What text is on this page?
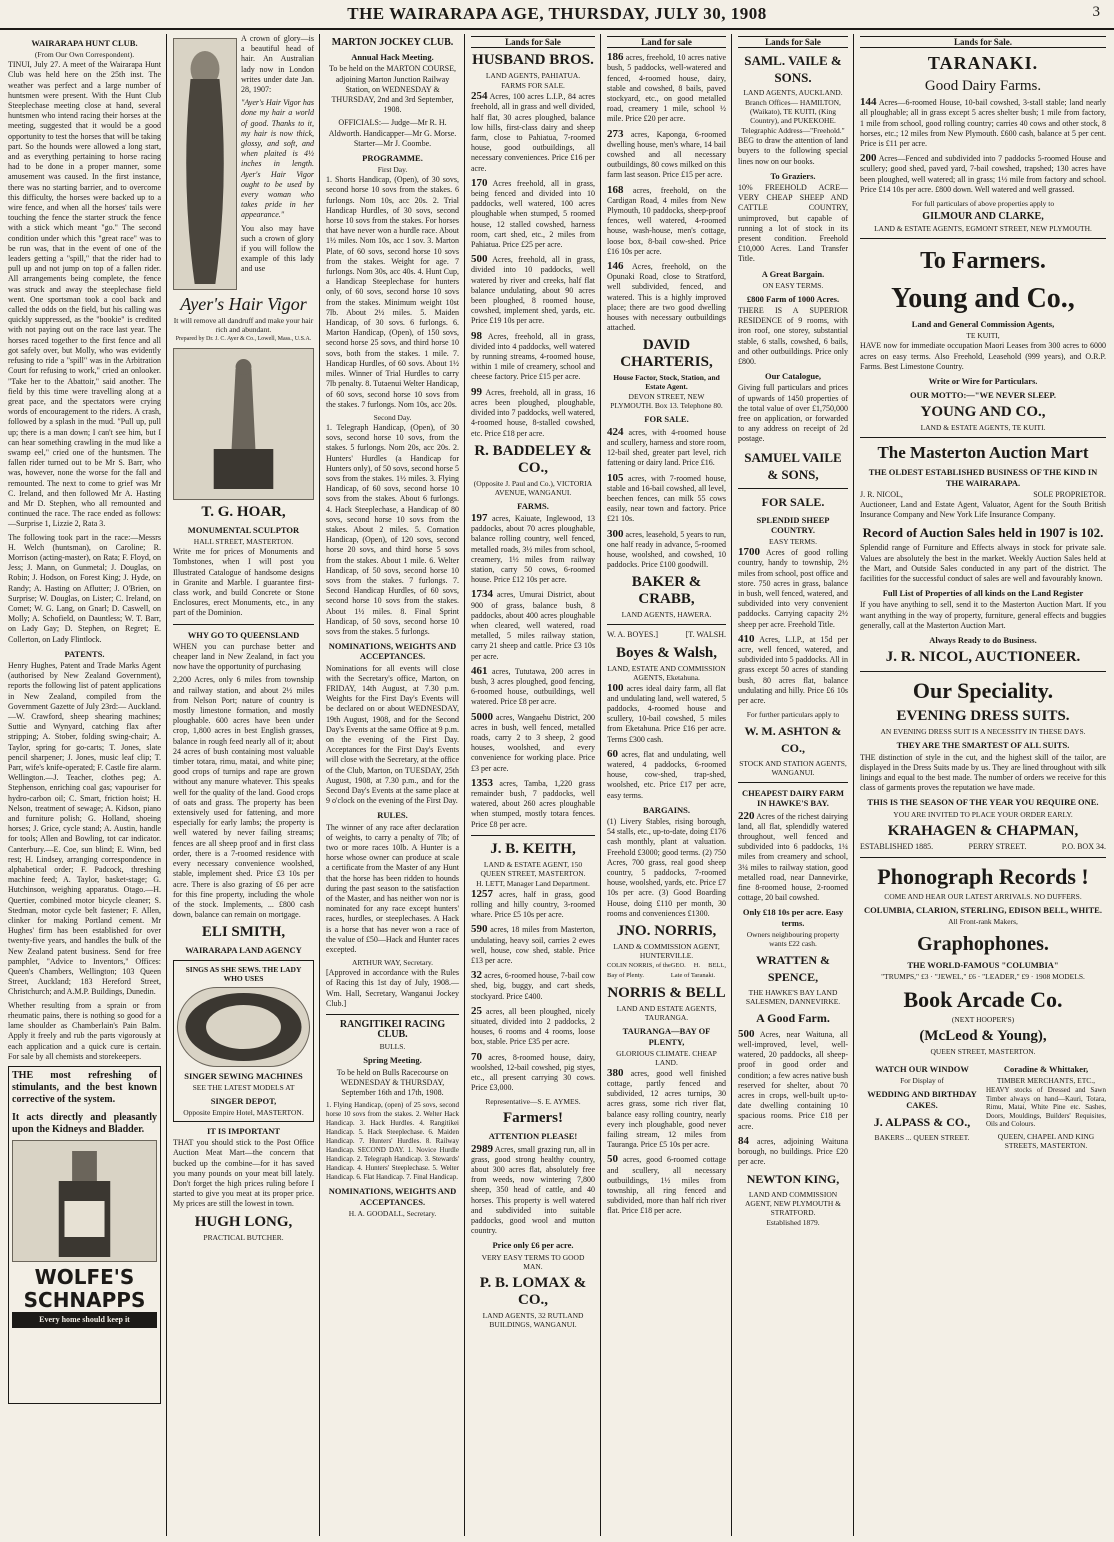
THE WAIRARAPA AGE, THURSDAY, JULY 30, 1908	3
WAIRARAPA HUNT CLUB.
(From Our Own Correspondent).

TINUI, July 27. A meet of the Wairarapa Hunt Club was held here on the 25th inst. The weather was perfect and a large number of huntsmen were present. With the Hunt Club Steeplechase meeting close at hand, several huntsmen who intend racing their horses at the meeting, suggested that it would be a good opportunity to test the horses that will be taking part. So the hounds were allowed a long start, and as everything pertaining to horse racing had to be done in a proper manner, some amusement was caused. In the first instance, there was no starting barrier, and to overcome this difficulty, the horses were backed up to a wire fence, and when all the horses' tails were touching the fence the starter struck the fence with a stick which meant "go." The second condition under which this "great race" was to be run was, that in the event of one of the leaders getting a "spill," that the rider had to pull up and not jump on top of a fallen rider. All arrangements being complete, the fence was struck and away the steeplechase field went. One sportsman took a cool back and called the odds on the field, but his calling was quickly suppressed, as the "bookie" is credited with not paying out on the race last year. The horses raced together to the first fence and all got safely over, but Molly, who was evidently refusing to ride a "spill" was in the Arbitration Court for refusing to work," cried an onlooker. "Take her to the Abattoir," said another. The field by this time were travelling along at a great pace, and the spectators were crying words of encouragement to the riders. A crash, followed by a splash in the mud. "Pull up, pull up; there is a man down; I can't see him, but I can hear something crawling in the mud like a swamp eel," cried one of the huntsmen. The fallen rider turned out to be Mr S. Barr, who was, however, none the worse for the fall and remounted. The next to come to grief was Mr C. Ireland, and then followed Mr A. Hasting and Mr D. Stephen, who all remounted and continued the race. The race ended as follows:—Surprise 1, Lizzie 2, Rata 3.

The following took part in the race:—Messrs H. Welch (huntsman), on Caroline; R. Morrison (acting-master), on Rata; F. Floyd, on Jess; J. Mann, on Gunmetal; J. Douglas, on Robin; J. Hodson, on Forest King; J. Hyde, on Randy; A. Hasting on Aflutter; J. O'Brien, on Surprise; W. Douglas, on Lister; C. Ireland, on Comet; W. G. Lang, on Gnarl; D. Caswell, on Molly; A. Schofield, on Dauntless; W. T. Barr, on Lady Gay; D. Stephen, on Regret; E. Collerton, on Lady Flintlock.

PATENTS.

Henry Hughes, Patent and Trade Marks Agent (authorised by New Zealand Government), reports the following list of patent applications in New Zealand, compiled from the Government Gazette of July 23rd:— Auckland.—W. Crawford, sheep shearing machines; Suttie and Wynyard, catching flax after stripping; A. Stober, folding swing-chair; A. Taylor, spring for go-carts; T. Jones, slate pencil sharpener; J. Jones, music leaf clip; T. Parr, wife's knife-operated; F. Castle fire alarm. Wellington.—J. Teacher, clothes peg; A. Stephenson, enriching coal gas; vapouriser for hydro-carbon oil; C. Smart, friction hoist; H. Nelson, treatment of sewage; A. Kidson, piano and furniture polish; G. Holland, shoeing horses; J. Grice, cycle stand; A. Austin, handle for tools; Allen and Bowling, tot car indicator. Canterbury.—E. Coe, sun blind; E. Winn, bed rest; H. Lindsey, arranging correspondence in alphabetical order; F. Padcock, threshing machine feed; A. Taylor, basket-stage; G. Hutchinson, weighing apparatus. Otago.—H. Quertier, combined motor bicycle cleaner; S. Stedman, motor cycle belt fastener; F. Allen, clinker for making Portland cement. Mr Hughes' firm has been established for over twenty-five years, and handles the bulk of the New Zealand patent business. Send for free pamphlet, "Advice to Inventors," Offices: Queen's Chambers, Wellington; 103 Queen Street, Auckland; 183 Hereford Street, Christchurch; and A.M.P. Buildings, Dunedin.

Whether resulting from a sprain or from rheumatic pains, there is nothing so good for a lame shoulder as Chamberlain's Pain Balm. Apply it freely and rub the parts vigorously at each application and a quick cure is certain. For sale by all chemists and storekeepers.

THE most refreshing of stimulants, and the best known corrective of the system.
It acts directly and pleasantly upon the Kidneys and Bladder.
WOLFE'S SCHNAPPS
Every home should keep it

A crown of glory—is a beautiful head of hair. An Australian lady now in London writes under date Jan. 28, 1907:

"Ayer's Hair Vigor has done my hair a world of good. Thanks to it, my hair is now thick, glossy, and soft, and when plaited is 4½ inches in length. Ayer's Hair Vigor ought to be used by every woman who takes pride in her appearance."

You also may have such a crown of glory if you will follow the example of this lady and use

Ayer's Hair Vigor
It will remove all dandruff and make your hair rich and abundant.
Prepared by Dr. J. C. Ayer & Co., Lowell, Mass., U.S.A.
T. G. HOAR,
MONUMENTAL SCULPTOR
HALL STREET, MASTERTON.

Write me for prices of Monuments and Tombstones, when I will post you Illustrated Catalogue of handsome designs in Granite and Marble. I guarantee first-class work, and build Concrete or Stone Enclosures, erect Monuments, etc., in any part of the Dominion.

WHY GO TO QUEENSLAND

WHEN you can purchase better and cheaper land in New Zealand, in fact you now have the opportunity of purchasing

2,200 Acres, only 6 miles from township and railway station, and about 2½ miles from Nelson Port; nature of country is mostly limestone formation, and mostly ploughable. 600 acres have been under crop, 1,800 acres in best English grasses, balance in rough feed nearly all of it; about 24 acres of bush containing most valuable timber totara, rimu, matai, and white pine; good crops of turnips and rape are grown without any manure whatever. This speaks well for the quality of the land. Good crops of oats and grass. The property has been extensively used for fattening, and more especially for early lambs; the property is well watered by never failing streams; fences are all sheep proof and in first class order, there is a 7-roomed residence with every necessary convenience woolshed, stable, implement shed. Price £3 10s per acre. There is also grazing of £6 per acre for this fine property, including the whole of the stock. Implements, ... £800 cash down, balance can remain on mortgage.

ELI SMITH,
WAIRARAPA LAND AGENCY
SINGS AS SHE SEWS. THE LADY WHO USES
SINGER SEWING MACHINES
SEE THE LATEST MODELS AT
SINGER DEPOT,
Opposite Empire Hotel, MASTERTON.
IT IS IMPORTANT

THAT you should stick to the Post Office Auction Meat Mart—the concern that bucked up the combine—for it has saved you many pounds on your meat bill lately. Don't forget the high prices ruling before I started to give you meat at its proper price. My prices are still the lowest in town.

HUGH LONG,
PRACTICAL BUTCHER.
MARTON JOCKEY CLUB.
Annual Hack Meeting.

To be held on the MARTON COURSE, adjoining Marton Junction Railway Station, on WEDNESDAY & THURSDAY, 2nd and 3rd September, 1908.

OFFICIALS:— Judge—Mr R. H. Aldworth. Handicapper—Mr G. Morse. Starter—Mr J. Coombe.

PROGRAMME.
First Day.

1. Shorts Handicap, (Open), of 30 sovs, second horse 10 sovs from the stakes. 6 furlongs. Nom 10s, acc 20s. 2. Trial Handicap Hurdles, of 30 sovs, second horse 10 sovs from the stakes. For horses that have never won a hurdle race. About 1½ miles. Nom 10s, acc 1 sov. 3. Marton Plate, of 60 sovs, second horse 10 sovs from the stakes. Weight for age. 7 furlongs. Nom 30s, acc 40s. 4. Hunt Cup, a Handicap Steeplechase for hunters only, of 60 sovs, second horse 10 sovs from the stakes. Minimum weight 10st 7lb. About 2½ miles. 5. Maiden Handicap, of 30 sovs. 6 furlongs. 6. Marton Handicap, (Open), of 150 sovs, second horse 25 sovs, and third horse 10 sovs, both from the stakes. 1 mile. 7. Handicap Hurdles, of 60 sovs. About 1½ miles. Winner of Trial Hurdles to carry 7lb penalty. 8. Tutaenui Welter Handicap, of 60 sovs, second horse 10 sovs from the stakes. 7 furlongs. Nom 10s, acc 20s.

Second Day.

1. Telegraph Handicap, (Open), of 30 sovs, second horse 10 sovs, from the stakes. 5 furlongs. Nom 20s, acc 20s. 2. Hunters' Hurdles (a Handicap for Hunters only), of 50 sovs, second horse 5 sovs from the stakes. 1½ miles. 3. Flying Handicap, of 60 sovs, second horse 10 sovs from the stakes. About 6 furlongs. 4. Hack Steeplechase, a Handicap of 80 sovs, second horse 10 sovs from the stakes. About 2 miles. 5. Cornation Handicap, (Open), of 120 sovs, second horse 20 sovs, and third horse 5 sovs from the stakes. About 1 mile. 6. Welter Handicap, of 50 sovs, second horse 10 sovs from the stakes. 7 furlongs. 7. Second Handicap Hurdles, of 60 sovs, second horse 10 sovs from the stakes. About 1½ miles. 8. Final Sprint Handicap, of 50 sovs, second horse 10 sovs from the stakes. 5 furlongs.

NOMINATIONS, WEIGHTS AND ACCEPTANCES.

Nominations for all events will close with the Secretary's office, Marton, on FRIDAY, 14th August, at 7.30 p.m. Weights for the First Day's Events will be declared on or about WEDNESDAY, 19th August, 1908, and for the Second Day's Events at the same Office at 9 p.m. on the evening of the First Day. Acceptances for the First Day's Events will close with the Secretary, at the office of the Club, Marton, on TUESDAY, 25th August, 1908, at 7.30 p.m., and for the Second Day's Events at the same place at 9 o'clock on the evening of the First Day.

RULES.

The winner of any race after declaration of weights, to carry a penalty of 7lb; of two or more races 10lb. A Hunter is a horse whose owner can produce at scale a certificate from the Master of any Hunt that the horse has been ridden to hounds during the past season to the satisfaction of the Master, and has neither won nor is nominated for any race except hunters' races, hurdles, or steeplechases. A Hack is a horse that has never won a race of the value of £50—Hack and Hunter races excepted.

ARTHUR WAY, Secretary.

[Approved in accordance with the Rules of Racing this 1st day of July, 1908.— Wm. Hall, Secretary, Wanganui Jockey Club.]

RANGITIKEI RACING CLUB.
BULLS.
Spring Meeting.

To be held on Bulls Racecourse on WEDNESDAY & THURSDAY, September 16th and 17th, 1908.

1. Flying Handicap, (open) of 25 sovs, second horse 10 sovs from the stakes. 2. Welter Hack Handicap. 3. Hack Hurdles. 4. Rangitikei Handicap. 5. Hack Steeplechase. 6. Maiden Handicap. 7. Hunters' Hurdles. 8. Railway Handicap. SECOND DAY. 1. Novice Hurdle Handicap. 2. Telegraph Handicap. 3. Stewards' Handicap. 4. Hunters' Steeplechase. 5. Welter Handicap. 6. Flat Handicap. 7. Final Handicap.

NOMINATIONS, WEIGHTS AND ACCEPTANCES.
H. A. GOODALL, Secretary.
Lands for Sale
HUSBAND BROS.
LAND AGENTS, PAHIATUA.
FARMS FOR SALE.
254 Acres, 100 acres L.I.P., 84 acres freehold, all in grass and well divided, half flat, 30 acres ploughed, balance low hills, first-class dairy and sheep farm, close to Pahiatua, 7-roomed house, good outbuildings, all necessary conveniences. Price £16 per acre.
170 Acres freehold, all in grass, being fenced and divided into 10 paddocks, well watered, 100 acres ploughable when stumped, 5 roomed house, 12 stalled cowshed, harness room, cart shed, etc., 2 miles from Pahiatua. Price £25 per acre.
500 Acres, freehold, all in grass, divided into 10 paddocks, well watered by river and creeks, half flat balance undulating, about 90 acres been ploughed, 8 roomed house, cowshed, implement shed, yards, etc. Price £19 10s per acre.
98 Acres, freehold, all in grass, divided into 4 paddocks, well watered by running streams, 4-roomed house, within 1 mile of creamery, school and cheese factory. Price £15 per acre.
99 Acres, freehold, all in grass, 16 acres been ploughed, ploughable, divided into 7 paddocks, well watered, 4-roomed house, 8-stalled cowshed, etc. Price £18 per acre.
R. BADDELEY & CO.,
(Opposite J. Paul and Co.), VICTORIA AVENUE, WANGANUI.
FARMS.
197 acres, Kaiuate, Inglewood, 13 paddocks, about 70 acres ploughable, balance rolling country, well fenced, metalled roads, 3½ miles from school, creamery, 1½ miles from railway station, carry 50 cows, 6-roomed house. Price £12 10s per acre.
1734 acres, Umurai District, about 900 of grass, balance bush, 8 paddocks, about 400 acres ploughable when cleared, well watered, road metalled, 5 miles railway station, carry 21 sheep and cattle. Price £3 10s per acre.
461 acres, Tututawa, 200 acres in bush, 3 acres ploughed, good fencing, 6-roomed house, outbuildings, well watered. Price £8 per acre.
5000 acres, Wangaehu District, 200 acres in bush, well fenced, metalled roads, carry 2 to 3 sheep, 2 good houses, woolshed, and every convenience for working place. Price £3 per acre.
1353 acres, Tamba, 1,220 grass remainder bush, 7 paddocks, well watered, about 260 acres ploughable when stumped, mostly totara fences. Price £8 per acre.
J. B. KEITH,
LAND & ESTATE AGENT, 150 QUEEN STREET, MASTERTON.
H. LETT, Manager Land Department.
1257 acres, half in grass, good rolling and hilly country, 3-roomed whare. Price £5 10s per acre.
590 acres, 18 miles from Masterton, undulating, heavy soil, carries 2 ewes well, house, cow shed, stable. Price £13 per acre.
32 acres, 6-roomed house, 7-bail cow shed, big, buggy, and cart sheds, stockyard. Price £400.
25 acres, all been ploughed, nicely situated, divided into 2 paddocks, 2 houses, 6 rooms and 4 rooms, loose box, stable. Price £35 per acre.
70 acres, 8-roomed house, dairy, woolshed, 12-bail cowshed, pig styes, etc., all present carrying 30 cows. Price £3,000.
Representative—S. E. AYMES.
Farmers!
ATTENTION PLEASE!
2989 Acres, small grazing run, all in grass, good strong healthy country, about 300 acres flat, absolutely free from weeds, now wintering 7,800 sheep, 350 head of cattle, and 40 horses. This property is well watered and subdivided into suitable paddocks, good wool and mutton country.
Price only £6 per acre.
VERY EASY TERMS TO GOOD MAN.
P. B. LOMAX & CO.,
LAND AGENTS, 32 RUTLAND BUILDINGS, WANGANUI.
Land for sale
186 acres, freehold, 10 acres native bush, 5 paddocks, well-watered and fenced, 4-roomed house, dairy, stable and cowshed, 8 bails, paved stockyard, etc., on good metalled road, creamery 1 mile, school ½ mile. Price £20 per acre.
273 acres, Kaponga, 6-roomed dwelling house, men's whare, 14 bail cowshed and all necessary outbuildings, 80 cows milked on this farm last season. Price £15 per acre.
168 acres, freehold, on the Cardigan Road, 4 miles from New Plymouth, 10 paddocks, sheep-proof fences, well watered, 4-roomed house, wash-house, men's cottage, loose box, 8-bail cow-shed. Price £16 10s per acre.
146 Acres, freehold, on the Opunaki Road, close to Stratford, well subdivided, fenced, and watered. This is a highly improved place; there are two good dwelling houses with necessary outbuildings attached.
DAVID CHARTERIS,
House Factor, Stock, Station, and Estate Agent.
DEVON STREET, NEW PLYMOUTH. Box 13. Telephone 80.
FOR SALE.
424 acres, with 4-roomed house and scullery, harness and store room, 12-bail shed, greater part level, rich fattening or dairy land. Price £16.
105 acres, with 7-roomed house, stable and 16-bail cowshed, all level, beechen fences, can milk 55 cows easily, near town and factory. Price £21 10s.
300 acres, leasehold, 5 years to run, one half ready in advance, 5-roomed house, woolshed, and cowshed, 10 paddocks. Price £100 goodwill.
BAKER & CRABB,
LAND AGENTS, HAWERA.
W. A. BOYES.]	[T. WALSH.
Boyes & Walsh,
LAND, ESTATE AND COMMISSION AGENTS, Eketahuna.
100 acres ideal dairy farm, all flat and undulating land, well watered, 5 paddocks, 4-roomed house and scullery, 10-bail cowshed, 5 miles from Eketahuna. Price £16 per acre. Terms £300 cash.
60 acres, flat and undulating, well watered, 4 paddocks, 6-roomed house, cow-shed, trap-shed, woolshed, etc. Price £17 per acre, easy terms.
BARGAINS.

(1) Livery Stables, rising borough, 54 stalls, etc., up-to-date, doing £176 cash monthly, plant at valuation. Freehold £3000; good terms. (2) 750 Acres, 700 grass, real good sheep country, 5 paddocks, 7-roomed house, woolshed, yards, etc. Price £7 10s per acre. (3) Good Boarding House, doing £110 per month, 30 rooms and conveniences £1300.

JNO. NORRIS,
LAND & COMMISSION AGENT, HUNTERVILLE.
COLIN NORRIS, of the Bay of Plenty.
GEO. H. BELL, Late of Taranaki.
NORRIS & BELL
LAND AND ESTATE AGENTS, TAURANGA.
TAURANGA—BAY OF PLENTY,
GLORIOUS CLIMATE. CHEAP LAND.
380 acres, good well finished cottage, partly fenced and subdivided, 12 acres turnips, 30 acres grass, some rich river flat, balance easy rolling country, nearly every inch ploughable, good never failing stream, 12 miles from Tauranga. Price £5 10s per acre.
50 acres, good 6-roomed cottage and scullery, all necessary outbuildings, 1½ miles from township, all ring fenced and subdivided, more than half rich river flat. Price £18 per acre.
Lands for Sale
SAML. VAILE & SONS.
LAND AGENTS, AUCKLAND.
Branch Offices— HAMILTON, (Waikato), TE KUITI, (King Country), and PUKEKOHE.
Telegraphic Address—"Freehold."

BEG to draw the attention of land buyers to the following special lines now on our books.

To Graziers.

10% FREEHOLD ACRE—VERY CHEAP SHEEP AND CATTLE COUNTRY, unimproved, but capable of running a lot of stock in its present condition. Freehold £10,000 Acres. Land Transfer Title.

A Great Bargain.
ON EASY TERMS.
£800 Farm of 1000 Acres.

THERE IS A SUPERIOR RESIDENCE of 9 rooms, with iron roof, one storey, substantial stable, 6 stalls, cowshed, 6 bails, and other outbuildings. Price only £800.

Our Catalogue,

Giving full particulars and prices of upwards of 1450 properties of the total value of over £1,750,000 free on application, or forwarded to any address on receipt of 2d postage.

SAMUEL VAILE & SONS,
FOR SALE.
SPLENDID SHEEP COUNTRY.
EASY TERMS.
1700 Acres of good rolling country, handy to township, 2½ miles from school, post office and store. 750 acres in grass, balance in bush, well fenced, watered, and subdivided into very convenient paddocks. Carrying capacity 2½ sheep per acre. Freehold Title.
410 Acres, L.I.P., at 15d per acre, well fenced, watered, and subdivided into 5 paddocks. All in grass except 50 acres of standing bush, 80 acres flat, balance undulating and hilly. Price £6 10s per acre.
For further particulars apply to
W. M. ASHTON & CO.,
STOCK AND STATION AGENTS, WANGANUI.
CHEAPEST DAIRY FARM IN HAWKE'S BAY.
220 Acres of the richest dairying land, all flat, splendidly watered throughout, well fenced and subdivided into 6 paddocks, 1¼ miles from creamery and school, 3¼ miles to railway station, good metalled road, near Dannevirke, fine 8-roomed house, 2-roomed cottage, 20 bail cowshed.
Only £18 10s per acre. Easy terms.
Owners neighbouring property wants £22 cash.
WRATTEN & SPENCE,
THE HAWKE'S BAY LAND SALESMEN, DANNEVIRKE.
A Good Farm.
500 Acres, near Waituna, all well-improved, level, well-watered, 20 paddocks, all sheep-proof in good order and condition; a few acres native bush reserved for shelter, about 70 acres in crops, well-built up-to-date dwelling containing 10 spacious rooms. Price £18 per acre.
84 acres, adjoining Waituna borough, no buildings. Price £20 per acre.
NEWTON KING,
LAND AND COMMISSION AGENT, NEW PLYMOUTH & STRATFORD.
Established 1879.
Lands for Sale.
TARANAKI.
Good Dairy Farms.
144 Acres—6-roomed House, 10-bail cowshed, 3-stall stable; land nearly all ploughable; all in grass except 5 acres shelter bush; 1 mile from factory, 1 mile from school, good rolling country; carries 40 cows and other stock, 8 horses, etc.; 12 miles from New Plymouth. £600 cash, balance at 5 per cent. Price is £11 per acre.
200 Acres—Fenced and subdivided into 7 paddocks 5-roomed House and scullery; good shed, paved yard, 7-bail cowshed, trapshed; 130 acres have been ploughed, well watered; all in grass; 1½ mile from factory and school. Price £14 10s per acre. £800 down. Well watered and well grassed.
For full particulars of above properties apply to
GILMOUR AND CLARKE,
LAND & ESTATE AGENTS, EGMONT STREET, NEW PLYMOUTH.
To Farmers.
Young and Co.,
Land and General Commission Agents,
TE KUITI,

HAVE now for immediate occupation Maori Leases from 300 acres to 6000 acres on easy terms. Also Freehold, Leasehold (999 years), and O.R.P. Farms. Best Limestone Country.

Write or Wire for Particulars.
OUR MOTTO:—"WE NEVER SLEEP.
YOUNG AND CO.,
LAND & ESTATE AGENTS, TE KUITI.
The Masterton Auction Mart
THE OLDEST ESTABLISHED BUSINESS OF THE KIND IN THE WAIRARAPA.
J. R. NICOL,	SOLE PROPRIETOR.

Auctioneer, Land and Estate Agent, Valuator, Agent for the South British Insurance Company and New York Life Insurance Company.

Record of Auction Sales held in 1907 is 102.

Splendid range of Furniture and Effects always in stock for private sale. Values are absolutely the best in the market. Weekly Auction Sales held at the Mart, and Outside Sales conducted in any part of the district. The facilities for the successful conduct of sales are well and favourably known.

Full List of Properties of all kinds on the Land Register

If you have anything to sell, send it to the Masterton Auction Mart. If you want anything in the way of property, furniture, general effects and buggies generally, call at the Masterton Auction Mart.

Always Ready to do Business.
J. R. NICOL, AUCTIONEER.
Our Speciality.
EVENING DRESS SUITS.
AN EVENING DRESS SUIT IS A NECESSITY IN THESE DAYS.
THEY ARE THE SMARTEST OF ALL SUITS.

THE distinction of style in the cut, and the highest skill of the tailor, are displayed in the Dress Suits made by us. They are lined throughout with silk linings and equal to the best made. The number of orders we receive for this class of garments proves the reputation we have made.

THIS IS THE SEASON OF THE YEAR YOU REQUIRE ONE.
YOU ARE INVITED TO PLACE YOUR ORDER EARLY.
KRAHAGEN & CHAPMAN,
ESTABLISHED 1885.	PERRY STREET.	P.O. BOX 34.
Phonograph Records !
COME AND HEAR OUR LATEST ARRIVALS. NO DUFFERS.
COLUMBIA, CLARION, STERLING, EDISON BELL, WHITE.
All Front-rank Makers,
Graphophones.
THE WORLD-FAMOUS "COLUMBIA"
"TRUMPS," £3 · "JEWEL," £6 · "LEADER," £9 · 1908 MODELS.
Book Arcade Co.
(NEXT HOOPER'S)
(McLeod & Young),
QUEEN STREET, MASTERTON.
WATCH OUR WINDOW
For Display of
WEDDING AND BIRTHDAY CAKES.
J. ALPASS & CO.,
BAKERS ... QUEEN STREET.
Coradine & Whittaker,
TIMBER MERCHANTS, ETC.,

HEAVY stocks of Dressed and Sawn Timber always on hand—Kauri, Totara, Rimu, Matai, White Pine etc. Sashes, Doors, Mouldings, Builders' Requisites, Oils and Colours.

QUEEN, CHAPEL AND KING STREETS, MASTERTON.
